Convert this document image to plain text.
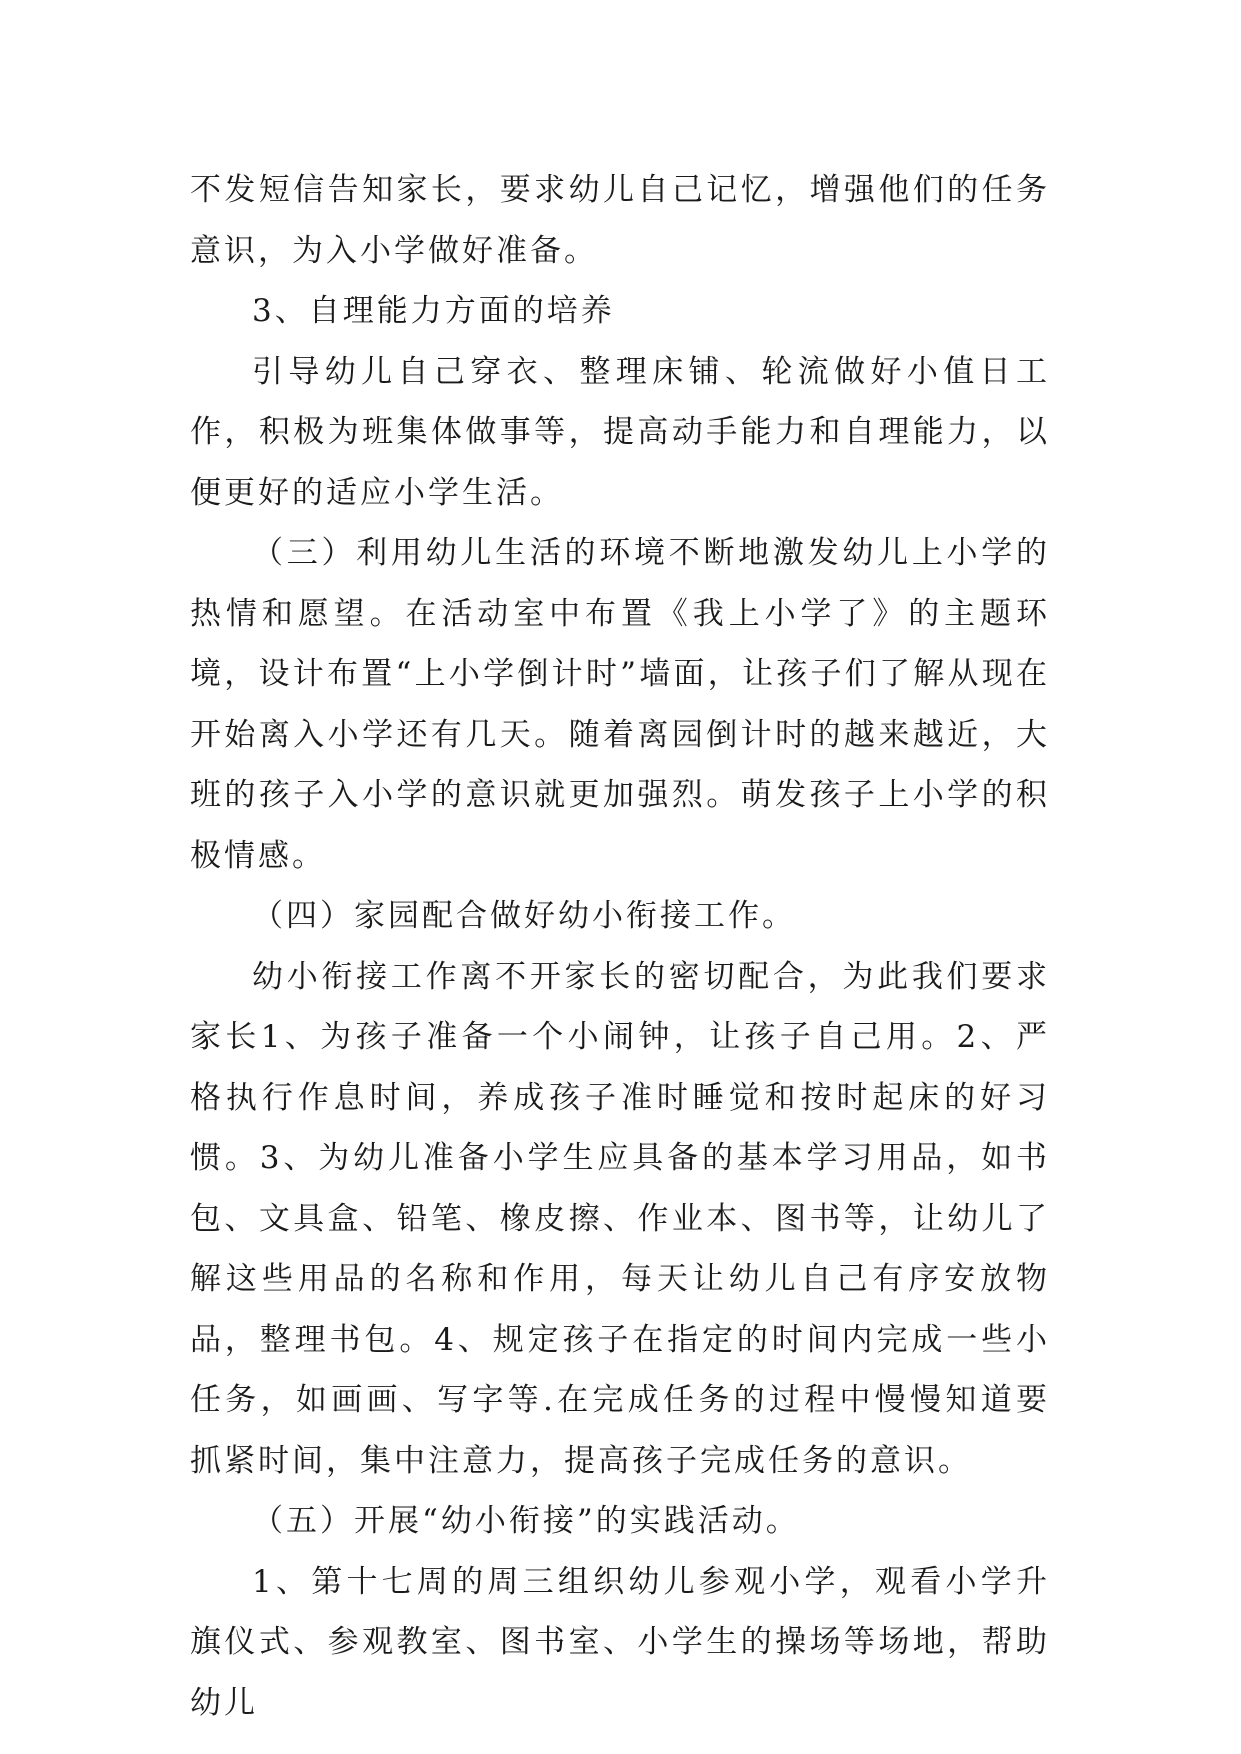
不发短信告知家长，要求幼儿自己记忆，增强他们的任务意识，为入小学做好准备。

3、自理能力方面的培养

引导幼儿自己穿衣、整理床铺、轮流做好小值日工作，积极为班集体做事等，提高动手能力和自理能力，以便更好的适应小学生活。

（三）利用幼儿生活的环境不断地激发幼儿上小学的热情和愿望。在活动室中布置《我上小学了》的主题环境，设计布置“上小学倒计时”墙面，让孩子们了解从现在开始离入小学还有几天。随着离园倒计时的越来越近，大班的孩子入小学的意识就更加强烈。萌发孩子上小学的积极情感。

（四）家园配合做好幼小衔接工作。

幼小衔接工作离不开家长的密切配合，为此我们要求家长1、为孩子准备一个小闹钟，让孩子自己用。2、严格执行作息时间，养成孩子准时睡觉和按时起床的好习惯。3、为幼儿准备小学生应具备的基本学习用品，如书包、文具盒、铅笔、橡皮擦、作业本、图书等，让幼儿了解这些用品的名称和作用，每天让幼儿自己有序安放物品，整理书包。4、规定孩子在指定的时间内完成一些小任务，如画画、写字等.在完成任务的过程中慢慢知道要抓紧时间，集中注意力，提高孩子完成任务的意识。

（五）开展“幼小衔接”的实践活动。

1、第十七周的周三组织幼儿参观小学，观看小学升旗仪式、参观教室、图书室、小学生的操场等场地，帮助幼儿
